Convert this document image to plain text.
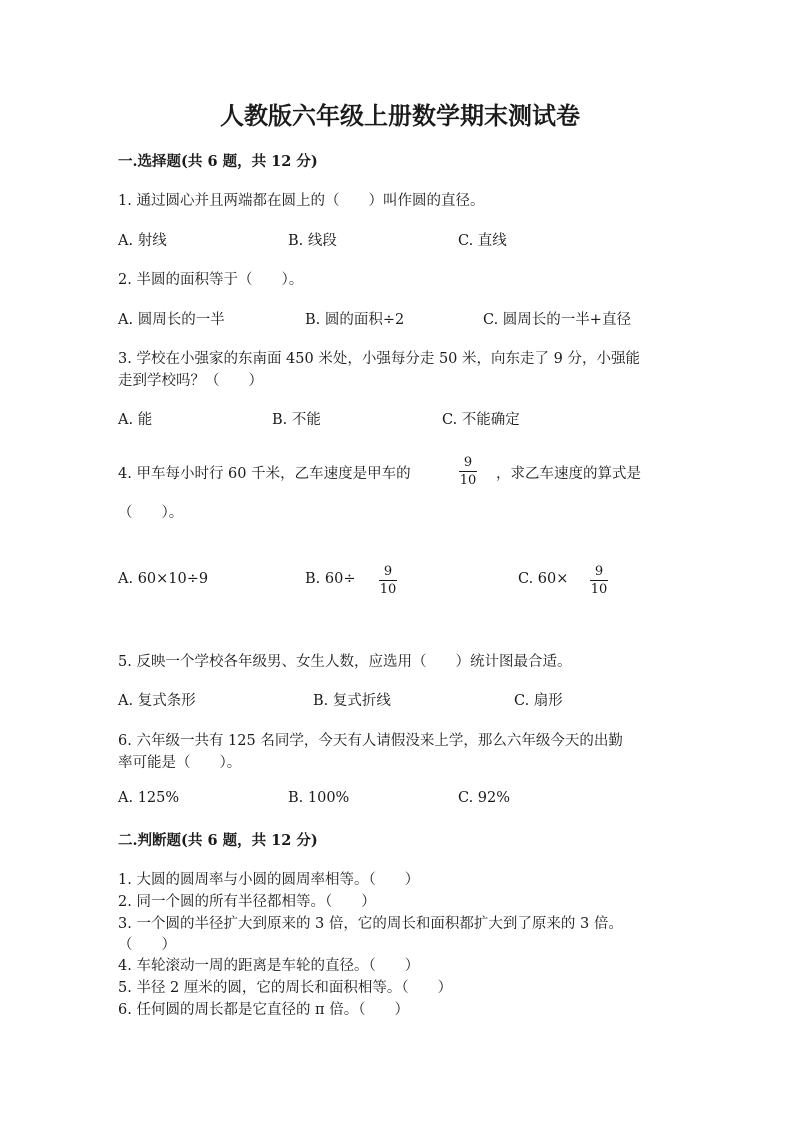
人教版六年级上册数学期末测试卷
一.选择题(共 6 题，共 12 分)
1. 通过圆心并且两端都在圆上的（　　）叫作圆的直径。
A. 射线	B. 线段	C. 直线
2. 半圆的面积等于（　　）。
A. 圆周长的一半	B. 圆的面积÷2	C. 圆周长的一半+直径
3. 学校在小强家的东南面 450 米处，小强每分走 50 米，向东走了 9 分，小强能
走到学校吗？（　　）
A. 能	B. 不能	C. 不能确定
4. 甲车每小时行 60 千米，乙车速度是甲车的
9
10 ，求乙车速度的算式是
（　　）。
A. 60×10÷9	B. 60÷ 9
10
C. 60× 9
10
5. 反映一个学校各年级男、女生人数，应选用（　　）统计图最合适。
A. 复式条形	B. 复式折线	C. 扇形
6. 六年级一共有 125 名同学，今天有人请假没来上学，那么六年级今天的出勤
率可能是（　　）。
A. 125%	B. 100%	C. 92%
二.判断题(共 6 题，共 12 分)
1. 大圆的圆周率与小圆的圆周率相等。（　　）
2. 同一个圆的所有半径都相等。（　　）
3. 一个圆的半径扩大到原来的 3 倍，它的周长和面积都扩大到了原来的 3 倍。
（　　）
4. 车轮滚动一周的距离是车轮的直径。（　　）
5. 半径 2 厘米的圆，它的周长和面积相等。（　　）
6. 任何圆的周长都是它直径的 π 倍。（　　）
